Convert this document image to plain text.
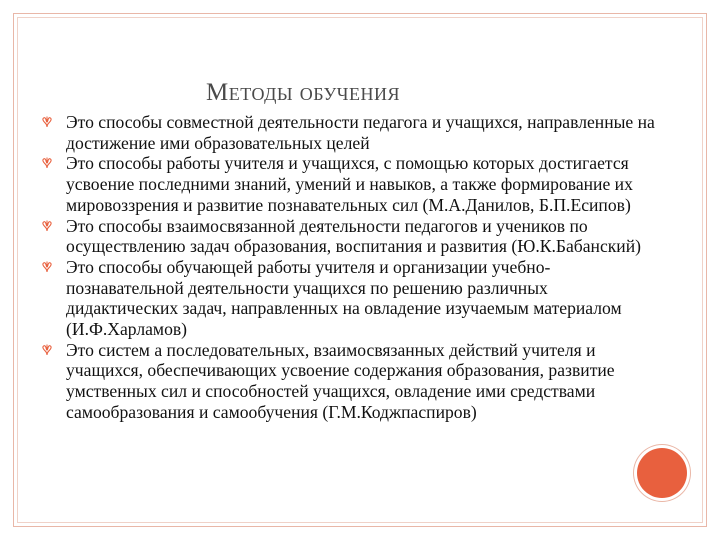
Методы обучения
Это способы совместной деятельности педагога и учащихся, направленные на достижение ими образовательных целей
Это способы работы учителя и учащихся, с помощью которых достигается усвоение последними знаний, умений и навыков, а также формирование их мировоззрения и развитие познавательных сил (М.А.Данилов, Б.П.Есипов)
Это способы взаимосвязанной деятельности педагогов и учеников по осуществлению задач образования, воспитания и развития (Ю.К.Бабанский)
Это способы обучающей работы учителя и организации учебно-познавательной деятельности учащихся по решению различных дидактических задач, направленных на овладение изучаемым материалом (И.Ф.Харламов)
Это систем а последовательных, взаимосвязанных действий учителя и учащихся, обеспечивающих усвоение содержания образования, развитие умственных сил и способностей учащихся, овладение ими средствами самообразования и самообучения (Г.М.Коджпаспиров)
